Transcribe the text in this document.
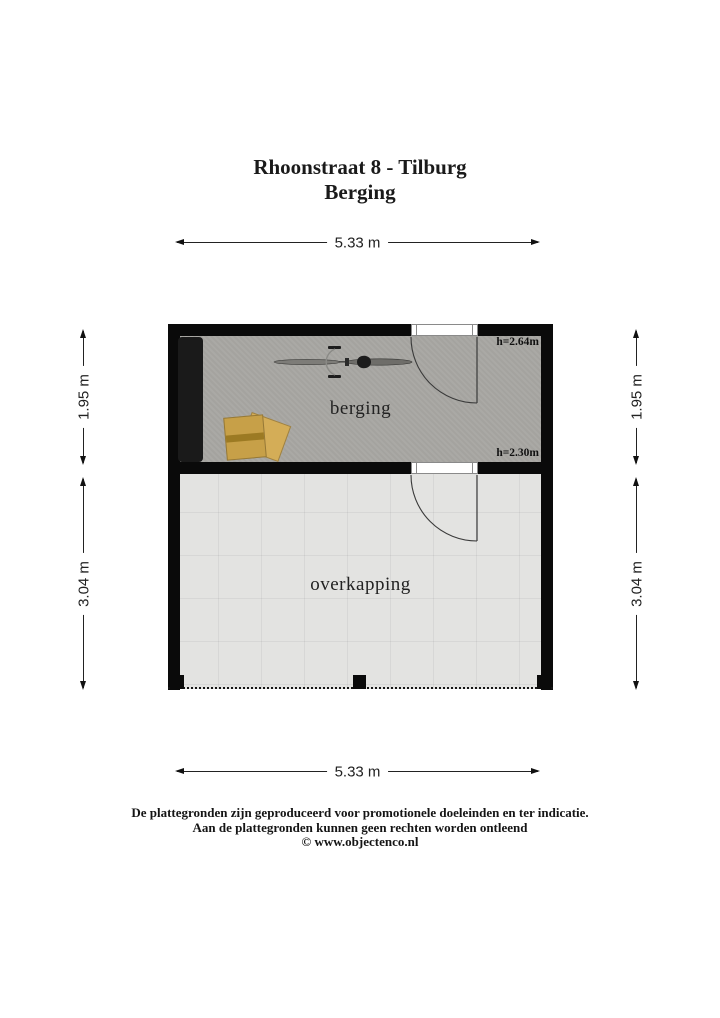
Rhoonstraat 8 - Tilburg
Berging
5.33 m
1.95 m
3.04 m
1.95 m
3.04 m
berging
overkapping
h=2.64m
h=2.30m
5.33 m
De plattegronden zijn geproduceerd voor promotionele doeleinden en ter indicatie.
Aan de plattegronden kunnen geen rechten worden ontleend
© www.objectenco.nl
